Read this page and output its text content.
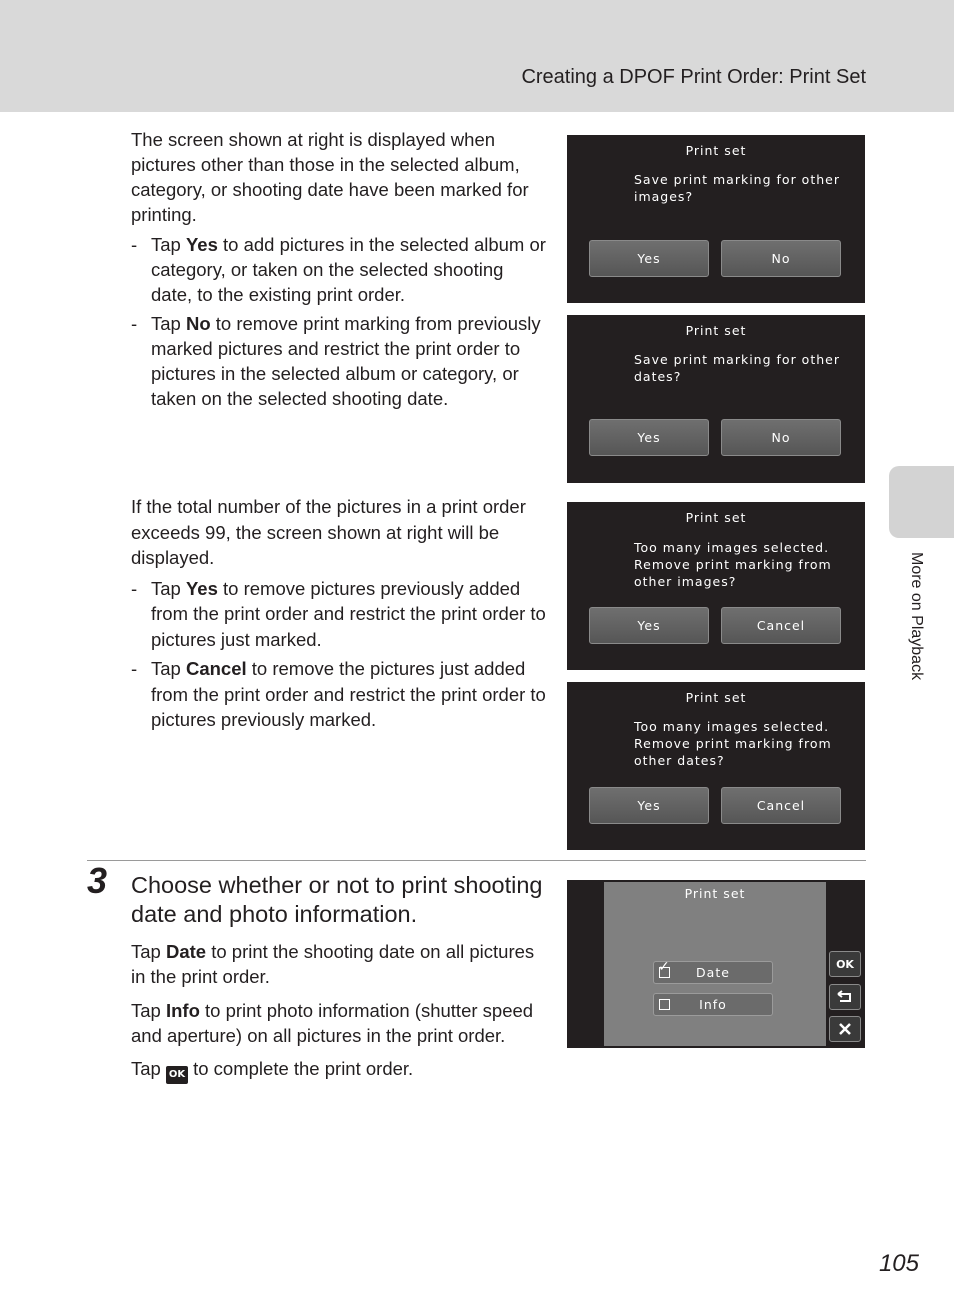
Creating a DPOF Print Order: Print Set
More on Playback

The screen shown at right is displayed when pictures other than those in the selected album, category, or shooting date have been marked for printing.

- Tap Yes to add pictures in the selected album or category, or taken on the selected shooting date, to the existing print order.
- Tap No to remove print marking from previously marked pictures and restrict the print order to pictures in the selected album or category, or taken on the selected shooting date.

If the total number of the pictures in a print order exceeds 99, the screen shown at right will be displayed.

- Tap Yes to remove pictures previously added from the print order and restrict the print order to pictures just marked.
- Tap Cancel to remove the pictures just added from the print order and restrict the print order to pictures previously marked.
Print set
Save print marking for other images?
Yes	No
Print set
Save print marking for other dates?
Yes	No
Print set
Too many images selected. Remove print marking from other images?
Yes	Cancel
Print set
Too many images selected. Remove print marking from other dates?
Yes	Cancel
3 Choose whether or not to print shooting date and photo information.

Tap Date to print the shooting date on all pictures in the print order.

Tap Info to print photo information (shutter speed and aperture) on all pictures in the print order.

Tap OK to complete the print order.

Print set
✓	Date
Info
OK
105
